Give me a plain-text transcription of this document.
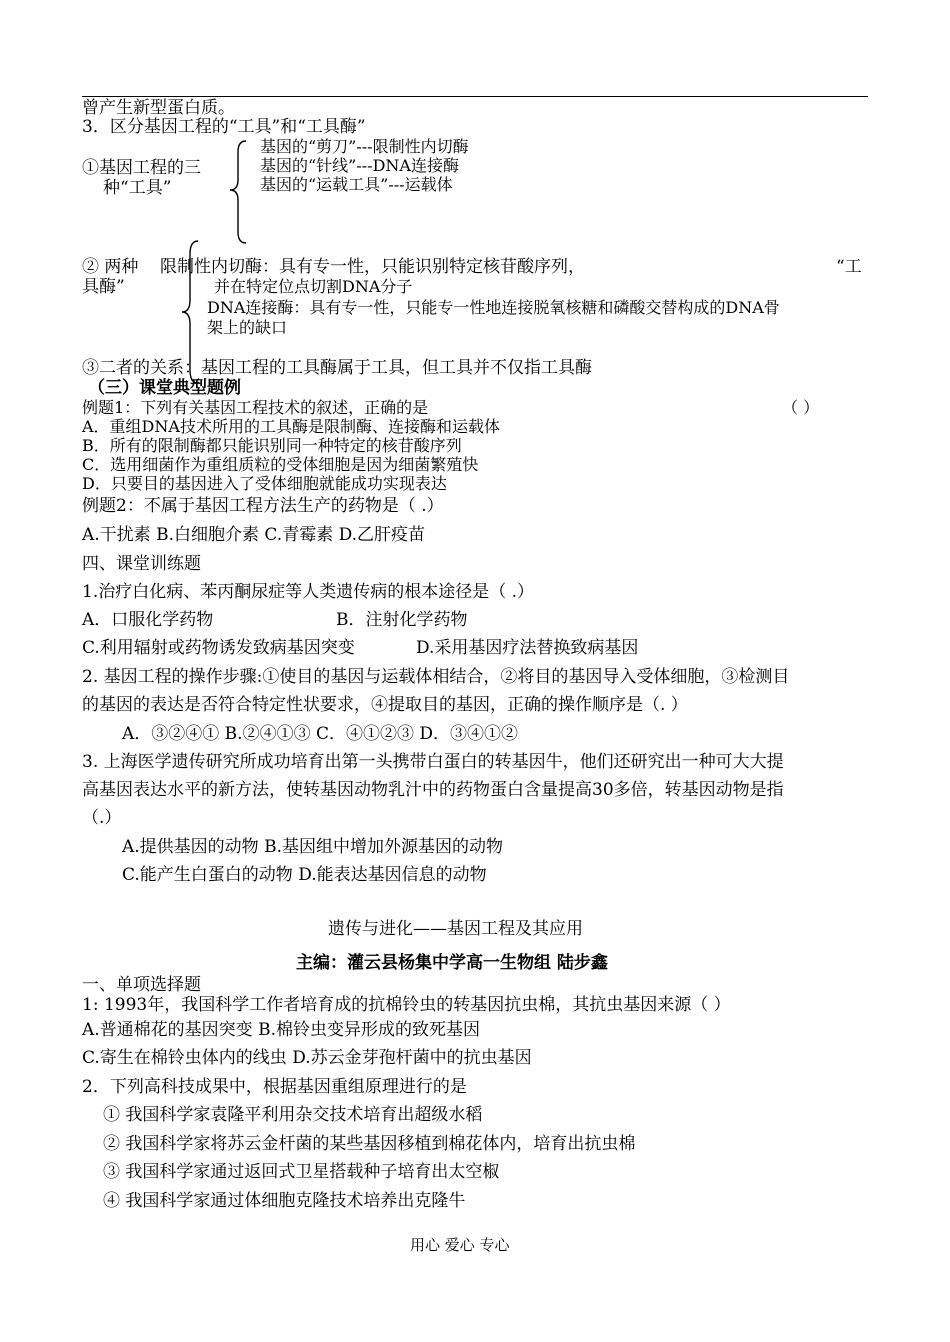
曾产生新型蛋白质。
3．区分基因工程的“工具”和“工具酶”
①基因工程的三
种“工具”
基因的“剪刀”---限制性内切酶
基因的“针线”---DNA连接酶
基因的“运载工具”---运载体
② 两种	“工
具酶”
限制性内切酶：具有专一性，只能识别特定核苷酸序列，
并在特定位点切割DNA分子
DNA连接酶：具有专一性，只能专一性地连接脱氧核糖和磷酸交替构成的DNA骨
架上的缺口
③二者的关系：基因工程的工具酶属于工具，但工具并不仅指工具酶
（三）课堂典型题例
例题1：下列有关基因工程技术的叙述，正确的是	（ ）
A．重组DNA技术所用的工具酶是限制酶、连接酶和运载体
B．所有的限制酶都只能识别同一种特定的核苷酸序列
C．选用细菌作为重组质粒的受体细胞是因为细菌繁殖快
D．只要目的基因进入了受体细胞就能成功实现表达
例题2：不属于基因工程方法生产的药物是（ .）
A.干扰素 B.白细胞介素 C.青霉素 D.乙肝疫苗
四、课堂训练题
1.治疗白化病、苯丙酮尿症等人类遗传病的根本途径是（ .）
A．口服化学药物	B．注射化学药物
C.利用辐射或药物诱发致病基因突变	D.采用基因疗法替换致病基因
2. 基因工程的操作步骤:①使目的基因与运载体相结合，②将目的基因导入受体细胞，③检测目
的基因的表达是否符合特定性状要求，④提取目的基因，正确的操作顺序是（. ）
A．③②④① B.②④①③ C．④①②③ D．③④①②
3. 上海医学遗传研究所成功培育出第一头携带白蛋白的转基因牛，他们还研究出一种可大大提
高基因表达水平的新方法，使转基因动物乳汁中的药物蛋白含量提高30多倍，转基因动物是指
（.）
A.提供基因的动物 B.基因组中增加外源基因的动物
C.能产生白蛋白的动物 D.能表达基因信息的动物
遗传与进化——基因工程及其应用
主编：灌云县杨集中学高一生物组 陆步鑫
一、单项选择题
1: 1993年，我国科学工作者培育成的抗棉铃虫的转基因抗虫棉，其抗虫基因来源（ ）
A.普通棉花的基因突变 B.棉铃虫变异形成的致死基因
C.寄生在棉铃虫体内的线虫 D.苏云金芽孢杆菌中的抗虫基因
2．下列高科技成果中，根据基因重组原理进行的是
① 我国科学家袁隆平利用杂交技术培育出超级水稻
② 我国科学家将苏云金杆菌的某些基因移植到棉花体内，培育出抗虫棉
③ 我国科学家通过返回式卫星搭载种子培育出太空椒
④ 我国科学家通过体细胞克隆技术培养出克隆牛
用心 爱心 专心
